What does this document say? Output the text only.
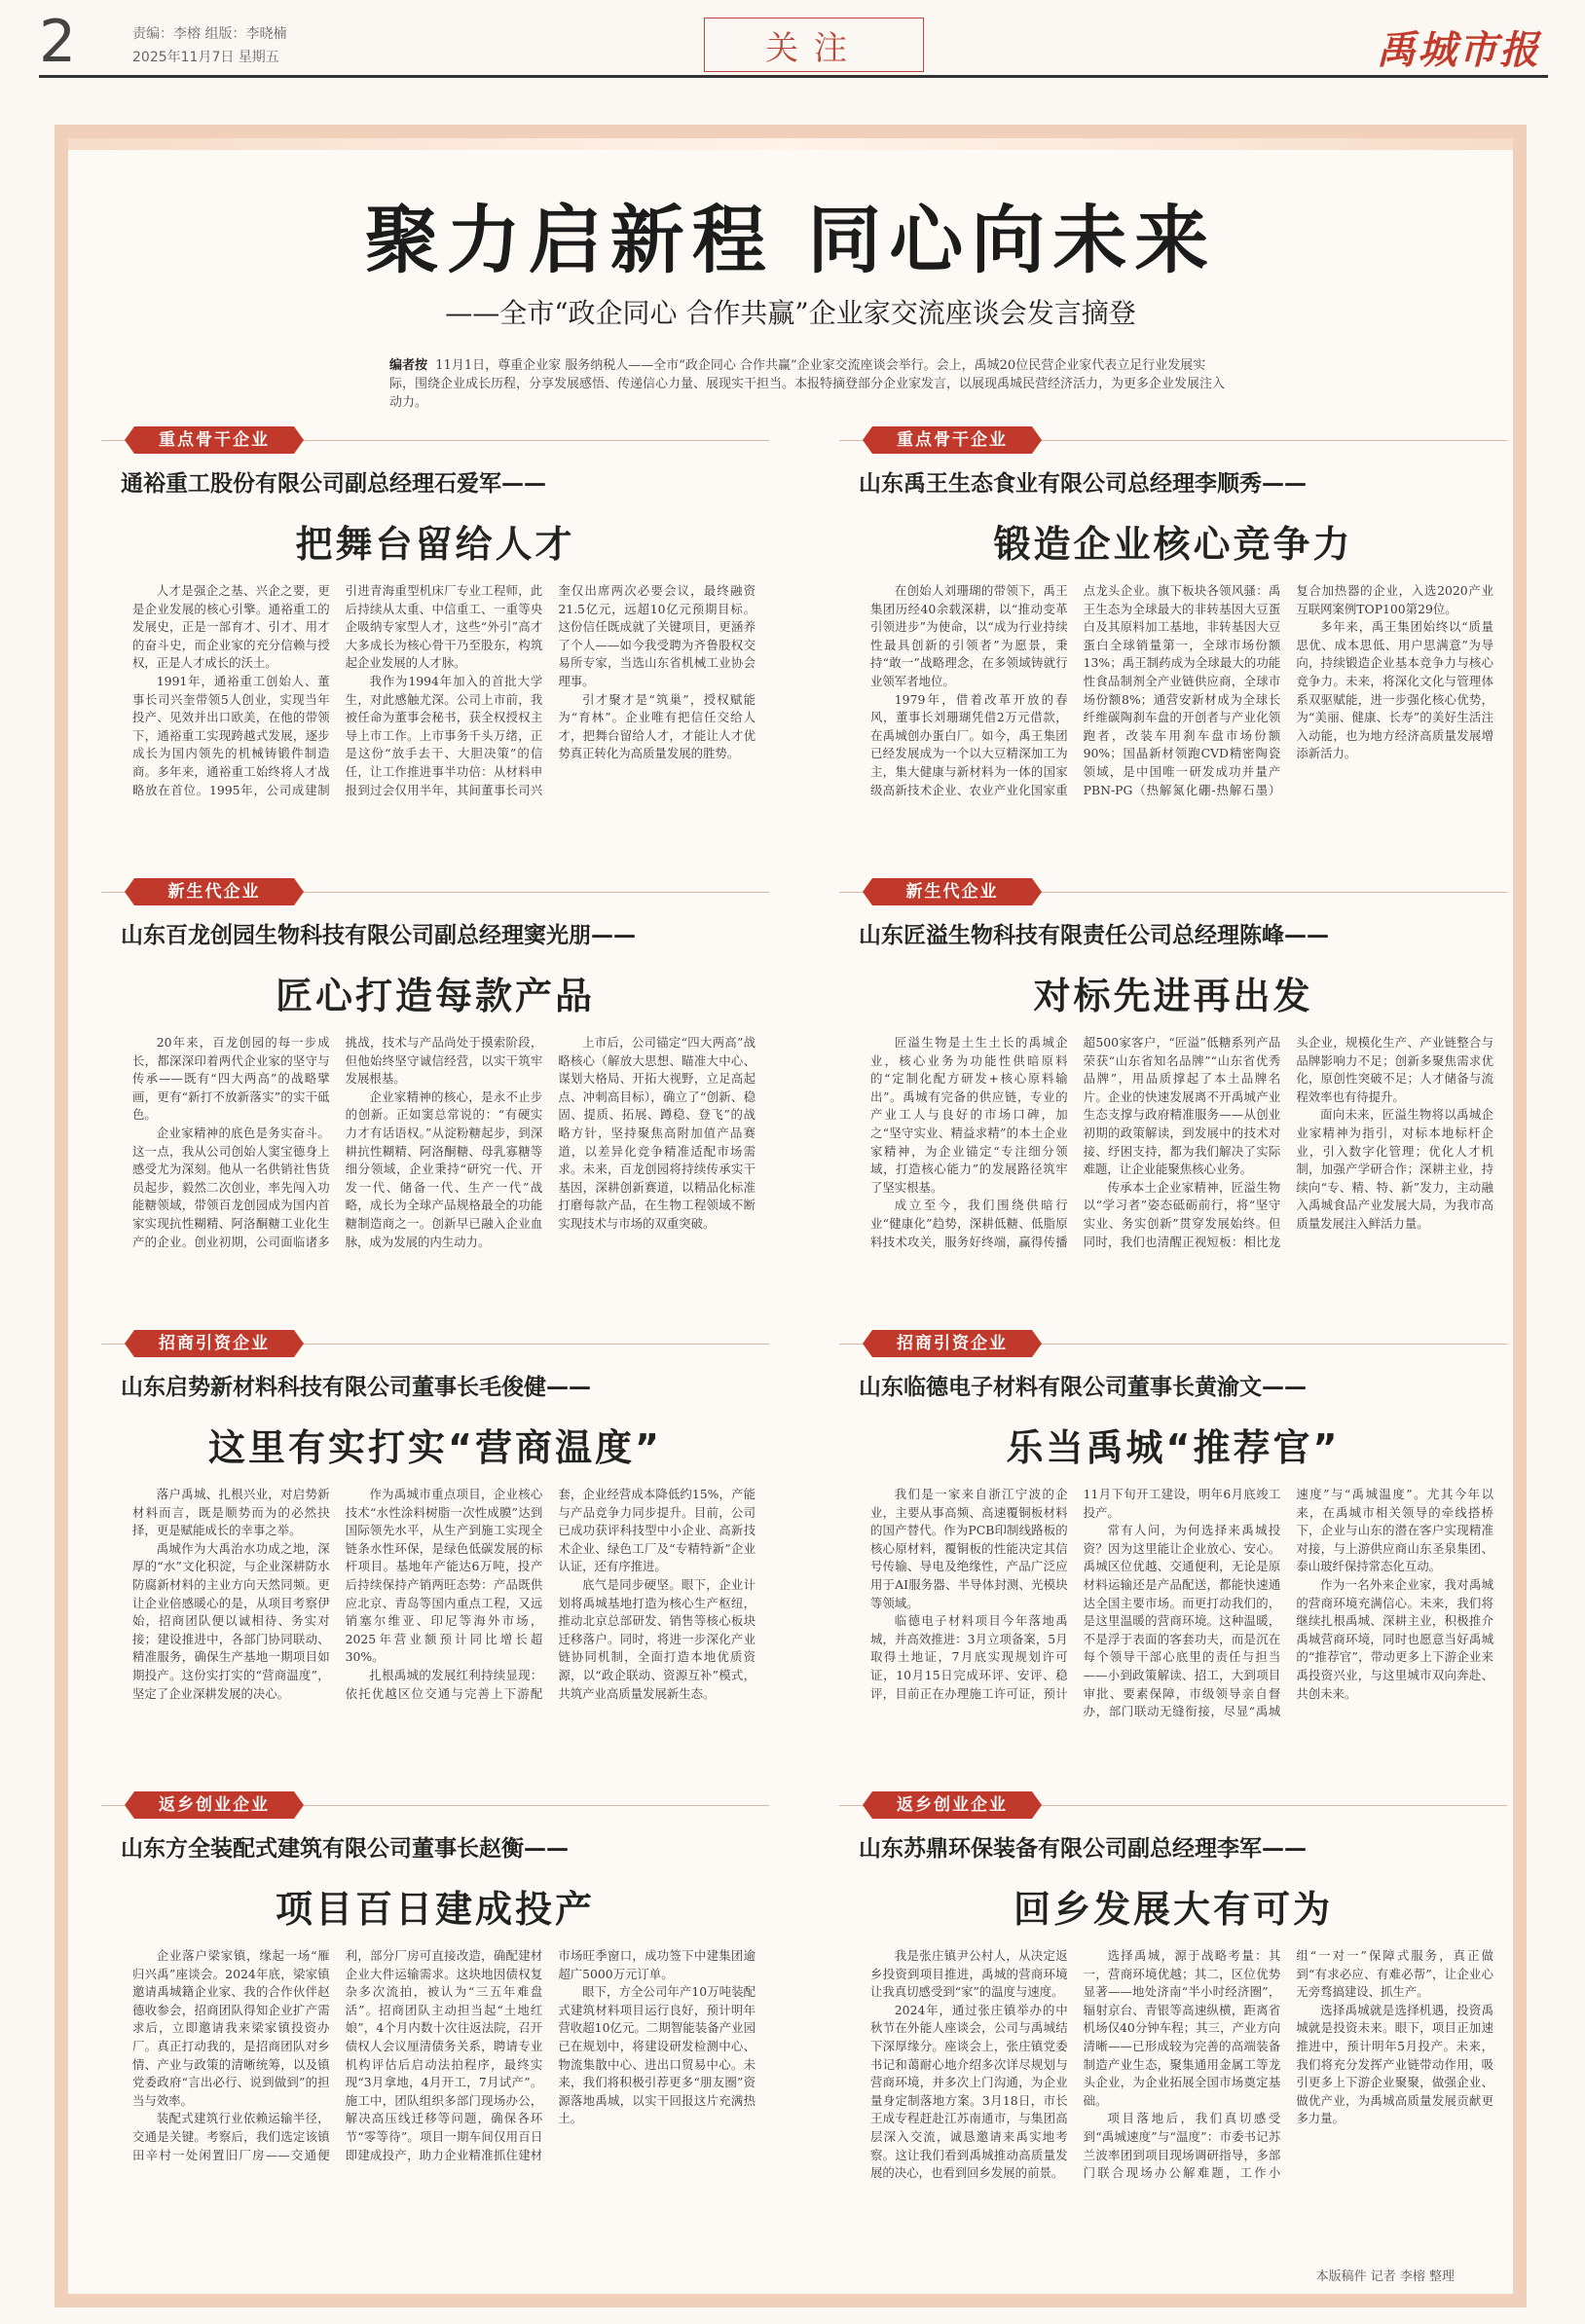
2	责编：李榕 组版：李晓楠
2025年11月7日 星期五	关注	禹城市报
聚力启新程 同心向未来
——全市“政企同心 合作共赢”企业家交流座谈会发言摘登
编者按 11月1日，尊重企业家 服务纳税人——全市“政企同心 合作共赢”企业家交流座谈会举行。会上，禹城20位民营企业家代表立足行业发展实际，围绕企业成长历程，分享发展感悟、传递信心力量、展现实干担当。本报特摘登部分企业家发言，以展现禹城民营经济活力，为更多企业发展注入动力。
重点骨干企业
通裕重工股份有限公司副总经理石爱军——
把舞台留给人才

人才是强企之基、兴企之要，更是企业发展的核心引擎。通裕重工的发展史，正是一部育才、引才、用才的奋斗史，而企业家的充分信赖与授权，正是人才成长的沃土。

1991年，通裕重工创始人、董事长司兴奎带领5人创业，实现当年投产、见效并出口欧美，在他的带领下，通裕重工实现跨越式发展，逐步成长为国内领先的机械铸锻件制造商。多年来，通裕重工始终将人才战略放在首位。1995年，公司成建制引进青海重型机床厂专业工程师，此后持续从太重、中信重工、一重等央企吸纳专家型人才，这些“外引”高才大多成长为核心骨干乃至股东，构筑起企业发展的人才脉。

我作为1994年加入的首批大学生，对此感触尤深。公司上市前，我被任命为董事会秘书，获全权授权主导上市工作。上市事务千头万绪，正是这份“放手去干、大胆决策”的信任，让工作推进事半功倍：从材料申报到过会仅用半年，其间董事长司兴奎仅出席两次必要会议，最终融资21.5亿元，远超10亿元预期目标。这份信任既成就了关键项目，更涵养了个人——如今我受聘为齐鲁股权交易所专家，当选山东省机械工业协会理事。

引才聚才是“筑巢”，授权赋能为“育林”。企业唯有把信任交给人才，把舞台留给人才，才能让人才优势真正转化为高质量发展的胜势。

重点骨干企业
山东禹王生态食业有限公司总经理李顺秀——
锻造企业核心竞争力

在创始人刘珊瑚的带领下，禹王集团历经40余载深耕，以“推动变革 引领进步”为使命，以“成为行业持续性最具创新的引领者”为愿景，秉持“敢一”战略理念，在多领域铸就行业领军者地位。

1979年，借着改革开放的春风，董事长刘珊瑚凭借2万元借款，在禹城创办蛋白厂。如今，禹王集团已经发展成为一个以大豆精深加工为主，集大健康与新材料为一体的国家级高新技术企业、农业产业化国家重点龙头企业。旗下板块各领风骚：禹王生态为全球最大的非转基因大豆蛋白及其原料加工基地，非转基因大豆蛋白全球销量第一，全球市场份额13%；禹王制药成为全球最大的功能性食品制剂全产业链供应商，全球市场份额8%；通营安新材成为全球长纤维碳陶刹车盘的开创者与产业化领跑者，改装车用刹车盘市场份额90%；国晶新材领跑CVD精密陶瓷领域，是中国唯一研发成功并量产PBN-PG（热解氮化硼-热解石墨）复合加热器的企业，入选2020产业互联网案例TOP100第29位。

多年来，禹王集团始终以“质量思优、成本思低、用户思满意”为导向，持续锻造企业基本竞争力与核心竞争力。未来，将深化文化与管理体系双驱赋能，进一步强化核心优势，为“美丽、健康、长寿”的美好生活注入动能，也为地方经济高质量发展增添新活力。

新生代企业
山东百龙创园生物科技有限公司副总经理窦光朋——
匠心打造每款产品

20年来，百龙创园的每一步成长，都深深印着两代企业家的坚守与传承——既有“四大两高”的战略擘画，更有“新打不放新落实”的实干砥色。

企业家精神的底色是务实奋斗。这一点，我从公司创始人窦宝德身上感受尤为深刻。他从一名供销社售货员起步，毅然二次创业，率先闯入功能糖领域，带领百龙创园成为国内首家实现抗性糊精、阿洛酮糖工业化生产的企业。创业初期，公司面临诸多挑战，技术与产品尚处于摸索阶段，但他始终坚守诚信经营，以实干筑牢发展根基。

企业家精神的核心，是永不止步的创新。正如窦总常说的：“有硬实力才有话语权。”从淀粉糖起步，到深耕抗性糊精、阿洛酮糖、母乳寡糖等细分领域，企业秉持“研究一代、开发一代、储备一代、生产一代”战略，成长为全球产品规格最全的功能糖制造商之一。创新早已融入企业血脉，成为发展的内生动力。

上市后，公司锚定“四大两高”战略核心（解放大思想、瞄准大中心、谋划大格局、开拓大视野，立足高起点、冲刺高目标），确立了“创新、稳固、提质、拓展、蹲稳、登飞”的战略方针，坚持聚焦高附加值产品赛道，以差异化竞争精准适配市场需求。未来，百龙创园将持续传承实干基因，深耕创新赛道，以精品化标准打磨每款产品，在生物工程领域不断实现技术与市场的双重突破。

新生代企业
山东匠溢生物科技有限责任公司总经理陈峰——
对标先进再出发

匠溢生物是土生土长的禹城企业，核心业务为功能性供暗原料的“定制化配方研发+核心原料输出”。禹城有完备的供应链，专业的产业工人与良好的市场口碑，加之“坚守实业、精益求精”的本土企业家精神，为企业锚定“专注细分领域，打造核心能力”的发展路径筑牢了坚实根基。

成立至今，我们围绕供暗行业“健康化”趋势，深耕低糖、低脂原料技术攻关，服务好终端，赢得传播超500家客户，“匠溢”低糖系列产品荣获“山东省知名品牌”“山东省优秀品牌”，用品质撑起了本土品牌名片。企业的快速发展离不开禹城产业生态支撑与政府精准服务——从创业初期的政策解读，到发展中的技术对接、纾困支持，都为我们解决了实际难题，让企业能聚焦核心业务。

传承本土企业家精神，匠溢生物以“学习者”姿态砥砺前行，将“坚守实业、务实创新”贯穿发展始终。但同时，我们也清醒正视短板：相比龙头企业，规模化生产、产业链整合与品牌影响力不足；创新多聚焦需求优化，原创性突破不足；人才储备与流程效率也有待提升。

面向未来，匠溢生物将以禹城企业家精神为指引，对标本地标杆企业，引入数字化管理；优化人才机制，加强产学研合作；深耕主业，持续向“专、精、特、新”发力，主动融入禹城食品产业发展大局，为我市高质量发展注入鲜活力量。

招商引资企业
山东启势新材料科技有限公司董事长毛俊健——
这里有实打实“营商温度”

落户禹城、扎根兴业，对启势新材料而言，既是顺势而为的必然抉择，更是赋能成长的幸事之举。

禹城作为大禹治水功成之地，深厚的“水”文化积淀，与企业深耕防水防腐新材料的主业方向天然同频。更让企业倍感暖心的是，从项目考察伊始，招商团队便以诚相待、务实对接；建设推进中，各部门协同联动、精准服务，确保生产基地一期项目如期投产。这份实打实的“营商温度”，坚定了企业深耕发展的决心。

作为禹城市重点项目，企业核心技术“水性涂料树脂一次性成膜”达到国际领先水平，从生产到施工实现全链条水性环保，是绿色低碳发展的标杆项目。基地年产能达6万吨，投产后持续保持产销两旺态势：产品既供应北京、青岛等国内重点工程，又远销塞尔维亚、印尼等海外市场，2025年营业额预计同比增长超30%。

扎根禹城的发展红利持续显现：依托优越区位交通与完善上下游配套，企业经营成本降低约15%，产能与产品竞争力同步提升。目前，公司已成功获评科技型中小企业、高新技术企业、绿色工厂及“专精特新”企业认证，还有序推进。

底气是同步硬坚。眼下，企业计划将禹城基地打造为核心生产枢纽，推动北京总部研发、销售等核心板块迁移落户。同时，将进一步深化产业链协同机制，全面打造本地优质资源，以“政企联动、资源互补”模式，共筑产业高质量发展新生态。

招商引资企业
山东临德电子材料有限公司董事长黄渝文——
乐当禹城“推荐官”

我们是一家来自浙江宁波的企业，主要从事高频、高速覆铜板材料的国产替代。作为PCB印制线路板的核心原材料，覆铜板的性能决定其信号传输、导电及绝缘性，产品广泛应用于AI服务器、半导体封测、光模块等领域。

临德电子材料项目今年落地禹城，并高效推进：3月立项备案，5月取得土地证，7月底实现规划许可证，10月15日完成环评、安评、稳评，目前正在办理施工许可证，预计11月下旬开工建设，明年6月底竣工投产。

常有人问，为何选择来禹城投资？因为这里能让企业放心、安心。禹城区位优越、交通便利，无论是原材料运输还是产品配送，都能快速通达全国主要市场。而更打动我们的，是这里温暖的营商环境。这种温暖，不是浮于表面的客套功夫，而是沉在每个领导干部心底里的责任与担当——小到政策解读、招工，大到项目审批、要素保障，市级领导亲自督办，部门联动无缝衔接，尽显“禹城速度”与“禹城温度”。尤其今年以来，在禹城市相关领导的牵线搭桥下，企业与山东的潜在客户实现精准对接，与上游供应商山东圣泉集团、泰山玻纤保持常态化互动。

作为一名外来企业家，我对禹城的营商环境充满信心。未来，我们将继续扎根禹城、深耕主业，积极推介禹城营商环境，同时也愿意当好禹城的“推荐官”，带动更多上下游企业来禹投资兴业，与这里城市双向奔赴、共创未来。

返乡创业企业
山东方全装配式建筑有限公司董事长赵衡——
项目百日建成投产

企业落户梁家镇，缘起一场“雁归兴禹”座谈会。2024年底，梁家镇邀请禹城籍企业家、我的合作伙伴赵德收参会，招商团队得知企业扩产需求后，立即邀请我来梁家镇投资办厂。真正打动我的，是招商团队对乡情、产业与政策的清晰统筹，以及镇党委政府“言出必行、说到做到”的担当与效率。

装配式建筑行业依赖运输半径，交通是关键。考察后，我们选定该镇田辛村一处闲置旧厂房——交通便利，部分厂房可直接改造，确配建材企业大件运输需求。这块地因债权复杂多次流拍，被认为“三五年难盘活”。招商团队主动担当起“土地红娘”，4个月内数十次往返法院，召开债权人会议厘清债务关系，聘请专业机构评估后启动法拍程序，最终实现“3月拿地，4月开工，7月试产”。施工中，团队组织多部门现场办公，解决高压线迁移等问题，确保各环节“零等待”。项目一期车间仅用百日即建成投产，助力企业精准抓住建材市场旺季窗口，成功签下中建集团逾超广5000万元订单。

眼下，方全公司年产10万吨装配式建筑材料项目运行良好，预计明年营收超10亿元。二期智能装备产业园已在规划中，将建设研发检测中心、物流集散中心、进出口贸易中心。未来，我们将积极引荐更多“朋友圈”资源落地禹城，以实干回报这片充满热土。

返乡创业企业
山东苏鼎环保装备有限公司副总经理李军——
回乡发展大有可为

我是张庄镇尹公村人，从决定返乡投资到项目推进，禹城的营商环境让我真切感受到“家”的温度与速度。

2024年，通过张庄镇举办的中秋节在外能人座谈会，公司与禹城结下深厚缘分。座谈会上，张庄镇党委书记和蔼耐心地介绍多次详尽规划与营商环境，并多次上门沟通，为企业量身定制落地方案。3月18日，市长王成专程赶赴江苏南通市，与集团高层深入交流，诚恳邀请来禹实地考察。这让我们看到禹城推动高质量发展的决心，也看到回乡发展的前景。

选择禹城，源于战略考量：其一，营商环境优越；其二，区位优势显著——地处济南“半小时经济圈”，辐射京台、青银等高速纵横，距离省机场仅40分钟车程；其三，产业方向清晰——已形成较为完善的高端装备制造产业生态，聚集通用金属工等龙头企业，为企业拓展全国市场奠定基础。

项目落地后，我们真切感受到“禹城速度”与“温度”：市委书记苏兰波率团到项目现场调研指导，多部门联合现场办公解难题，工作小组“一对一”保障式服务，真正做到“有求必应、有难必帮”，让企业心无旁骛搞建设、抓生产。

选择禹城就是选择机遇，投资禹城就是投资未来。眼下，项目正加速推进中，预计明年5月投产。未来，我们将充分发挥产业链带动作用，吸引更多上下游企业聚聚，做强企业、做优产业，为禹城高质量发展贡献更多力量。

本版稿件 记者 李榕 整理
